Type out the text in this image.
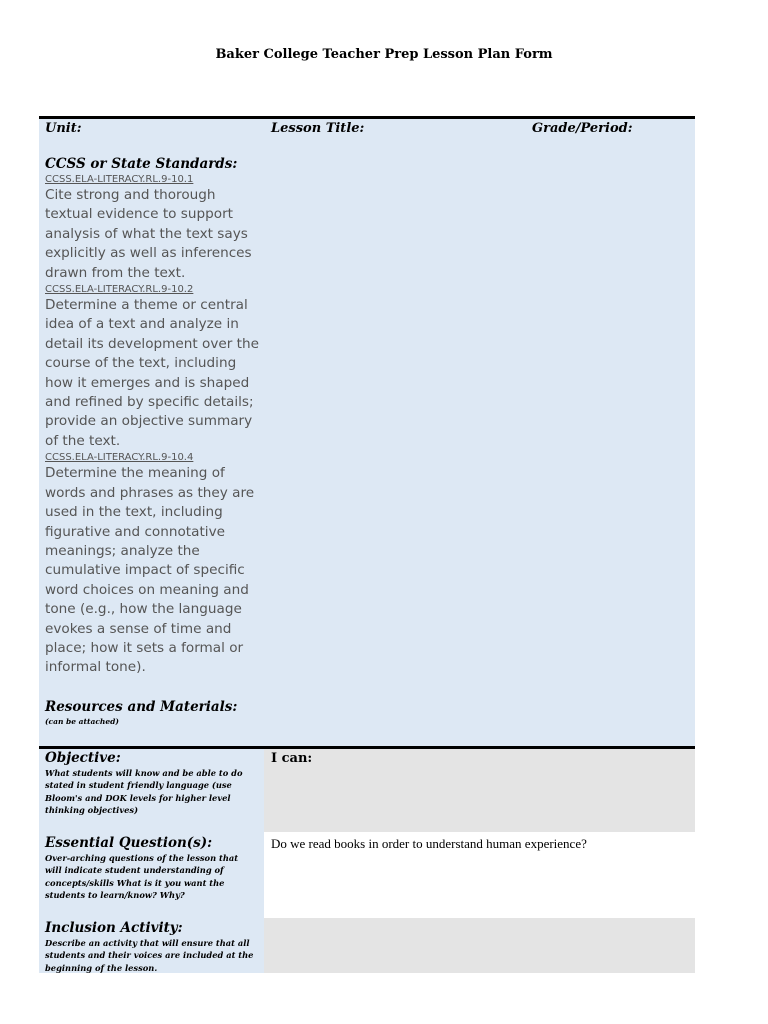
Baker College Teacher Prep Lesson Plan Form
Unit:	Lesson Title:	Grade/Period:
CCSS or State Standards:
CCSS.ELA-LITERACY.RL.9-10.1
Cite strong and thorough textual evidence to support analysis of what the text says explicitly as well as inferences drawn from the text.
CCSS.ELA-LITERACY.RL.9-10.2
Determine a theme or central idea of a text and analyze in detail its development over the course of the text, including how it emerges and is shaped and refined by specific details; provide an objective summary of the text.
CCSS.ELA-LITERACY.RL.9-10.4
Determine the meaning of words and phrases as they are used in the text, including figurative and connotative meanings; analyze the cumulative impact of specific word choices on meaning and tone (e.g., how the language evokes a sense of time and place; how it sets a formal or informal tone).
Resources and Materials:
(can be attached)
Objective:
What students will know and be able to do stated in student friendly language (use Bloom's and DOK levels for higher level thinking objectives)
I can:
Essential Question(s):
Over-arching questions of the lesson that will indicate student understanding of concepts/skills What is it you want the students to learn/know? Why?
Do we read books in order to understand human experience?
Inclusion Activity:
Describe an activity that will ensure that all students and their voices are included at the beginning of the lesson.
